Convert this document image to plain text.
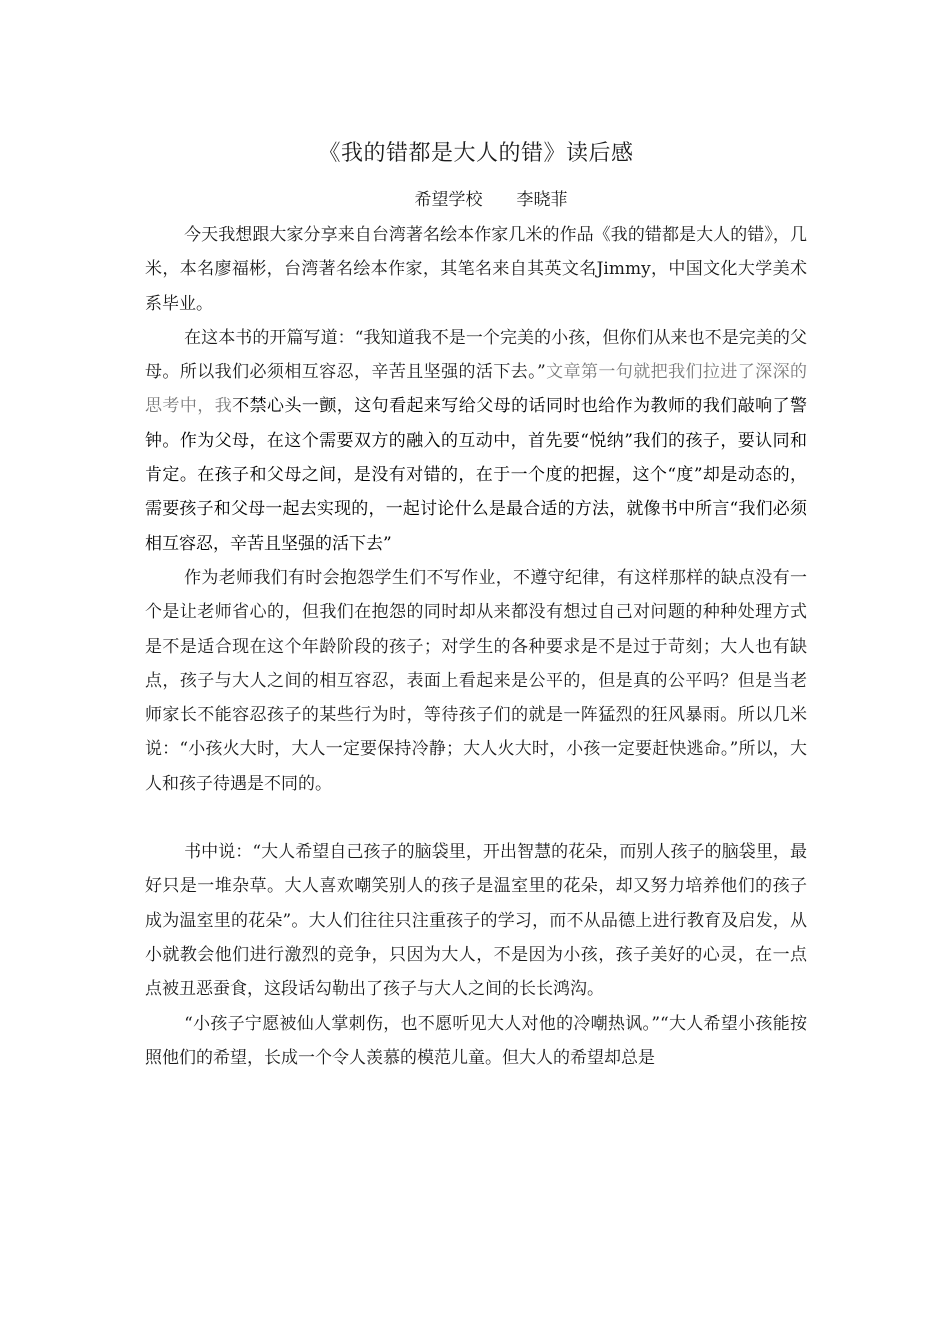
《我的错都是大人的错》读后感
希望学校 李晓菲

今天我想跟大家分享来自台湾著名绘本作家几米的作品《我的错都是大人的错》，几米，本名廖福彬，台湾著名绘本作家，其笔名来自其英文名Jimmy，中国文化大学美术系毕业。

在这本书的开篇写道：“我知道我不是一个完美的小孩，但你们从来也不是完美的父母。所以我们必须相互容忍，辛苦且坚强的活下去。”文章第一句就把我们拉进了深深的思考中，我不禁心头一颤，这句看起来写给父母的话同时也给作为教师的我们敲响了警钟。作为父母，在这个需要双方的融入的互动中，首先要“悦纳”我们的孩子，要认同和肯定。在孩子和父母之间，是没有对错的，在于一个度的把握，这个“度”却是动态的，需要孩子和父母一起去实现的，一起讨论什么是最合适的方法，就像书中所言“我们必须相互容忍，辛苦且坚强的活下去”

作为老师我们有时会抱怨学生们不写作业，不遵守纪律，有这样那样的缺点没有一个是让老师省心的，但我们在抱怨的同时却从来都没有想过自己对问题的种种处理方式是不是适合现在这个年龄阶段的孩子；对学生的各种要求是不是过于苛刻；大人也有缺点，孩子与大人之间的相互容忍，表面上看起来是公平的，但是真的公平吗？但是当老师家长不能容忍孩子的某些行为时，等待孩子们的就是一阵猛烈的狂风暴雨。所以几米说：“小孩火大时，大人一定要保持冷静；大人火大时，小孩一定要赶快逃命。”所以，大人和孩子待遇是不同的。

书中说：“大人希望自己孩子的脑袋里，开出智慧的花朵，而别人孩子的脑袋里，最好只是一堆杂草。大人喜欢嘲笑别人的孩子是温室里的花朵，却又努力培养他们的孩子成为温室里的花朵”。大人们往往只注重孩子的学习，而不从品德上进行教育及启发，从小就教会他们进行激烈的竞争，只因为大人，不是因为小孩，孩子美好的心灵，在一点点被丑恶蚕食，这段话勾勒出了孩子与大人之间的长长鸿沟。

“小孩子宁愿被仙人掌刺伤，也不愿听见大人对他的冷嘲热讽。”“大人希望小孩能按照他们的希望，长成一个令人羡慕的模范儿童。但大人的希望却总是
